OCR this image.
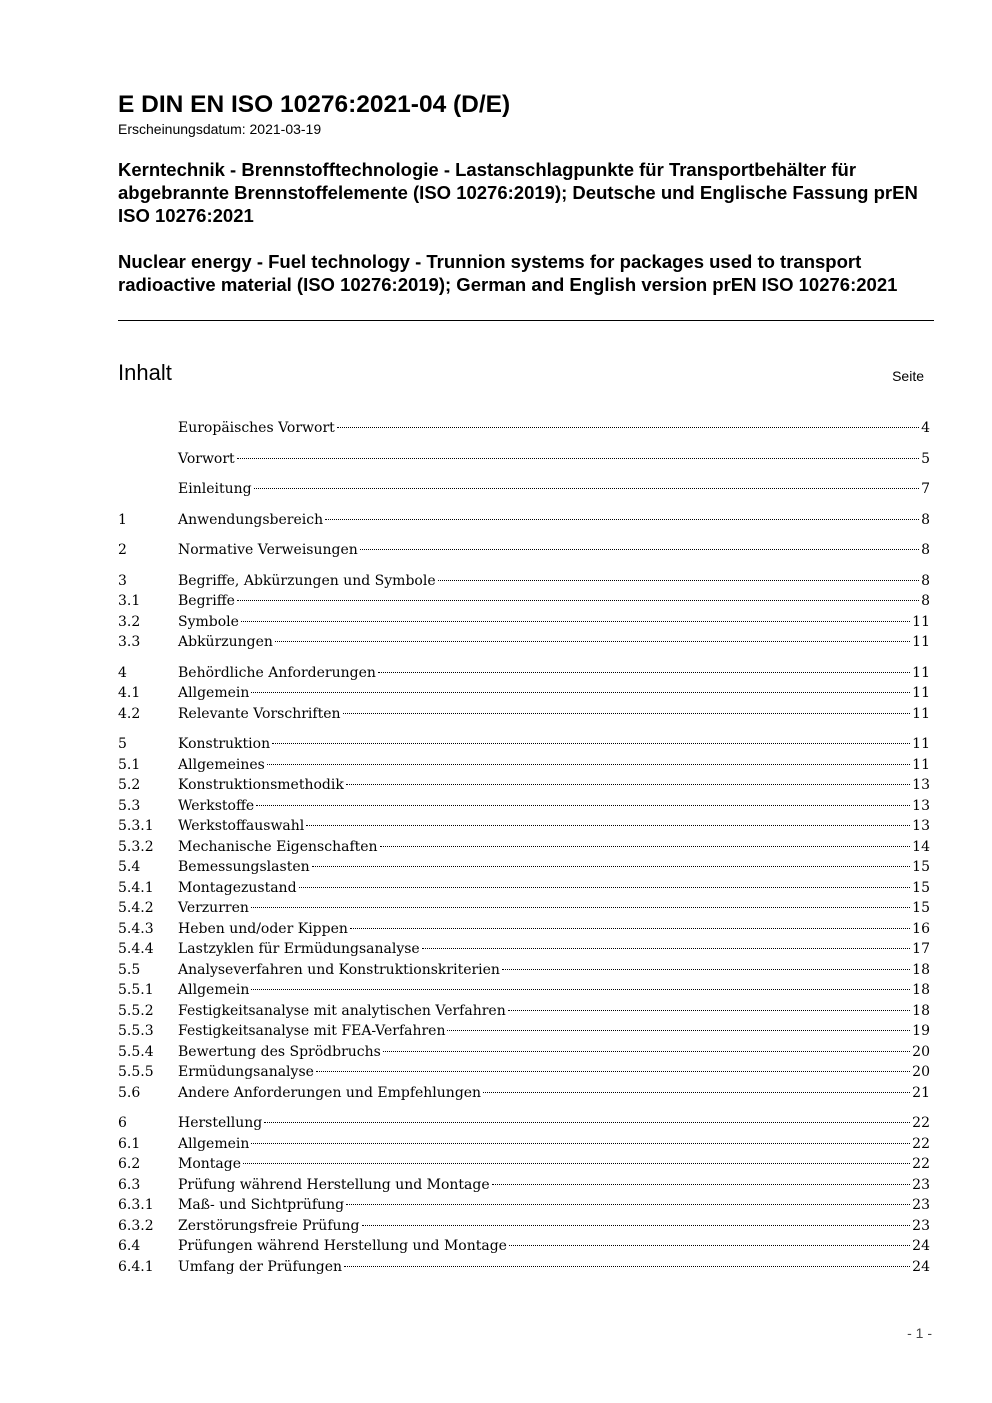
E DIN EN ISO 10276:2021-04 (D/E)
Erscheinungsdatum: 2021-03-19
Kerntechnik - Brennstofftechnologie - Lastanschlagpunkte für Transportbehälter für abgebrannte Brennstoffelemente (ISO 10276:2019); Deutsche und Englische Fassung prEN ISO 10276:2021
Nuclear energy - Fuel technology - Trunnion systems for packages used to transport radioactive material (ISO 10276:2019); German and English version prEN ISO 10276:2021
Inhalt	Seite
Europäisches Vorwort	4
Vorwort	5
Einleitung	7
1	Anwendungsbereich	8
2	Normative Verweisungen	8
3	Begriffe, Abkürzungen und Symbole	8
3.1	Begriffe	8
3.2	Symbole	11
3.3	Abkürzungen	11
4	Behördliche Anforderungen	11
4.1	Allgemein	11
4.2	Relevante Vorschriften	11
5	Konstruktion	11
5.1	Allgemeines	11
5.2	Konstruktionsmethodik	13
5.3	Werkstoffe	13
5.3.1	Werkstoffauswahl	13
5.3.2	Mechanische Eigenschaften	14
5.4	Bemessungslasten	15
5.4.1	Montagezustand	15
5.4.2	Verzurren	15
5.4.3	Heben und/oder Kippen	16
5.4.4	Lastzyklen für Ermüdungsanalyse	17
5.5	Analyseverfahren und Konstruktionskriterien	18
5.5.1	Allgemein	18
5.5.2	Festigkeitsanalyse mit analytischen Verfahren	18
5.5.3	Festigkeitsanalyse mit FEA-Verfahren	19
5.5.4	Bewertung des Sprödbruchs	20
5.5.5	Ermüdungsanalyse	20
5.6	Andere Anforderungen und Empfehlungen	21
6	Herstellung	22
6.1	Allgemein	22
6.2	Montage	22
6.3	Prüfung während Herstellung und Montage	23
6.3.1	Maß- und Sichtprüfung	23
6.3.2	Zerstörungsfreie Prüfung	23
6.4	Prüfungen während Herstellung und Montage	24
6.4.1	Umfang der Prüfungen	24
- 1 -
